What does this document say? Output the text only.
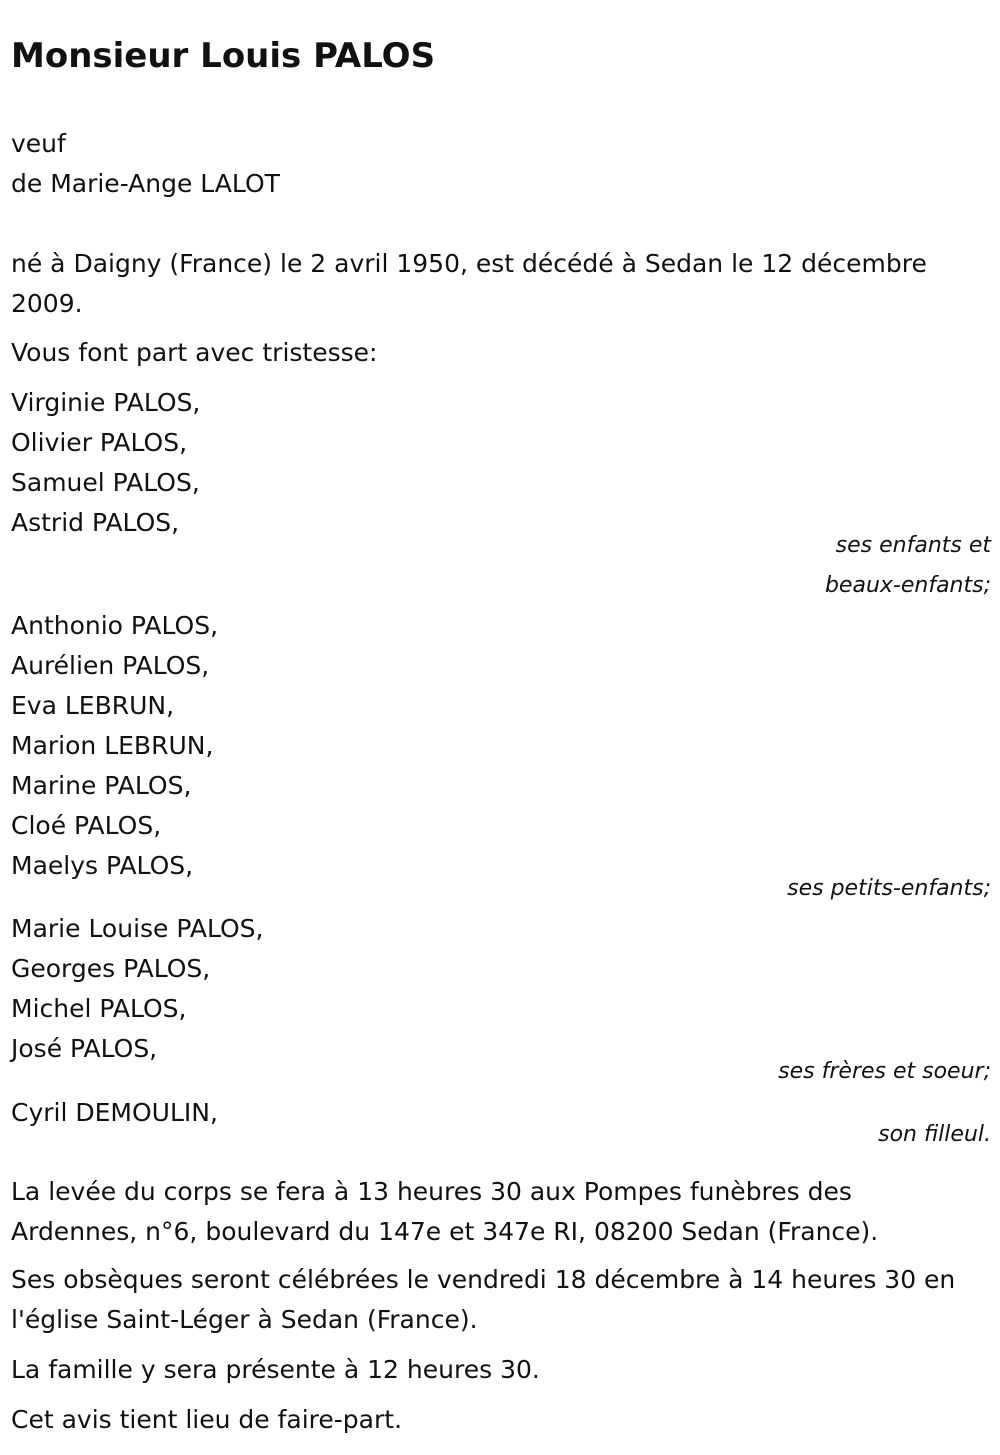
Monsieur Louis PALOS
veuf
de Marie-Ange LALOT
né à Daigny (France) le 2 avril 1950, est décédé à Sedan le 12 décembre 2009.
Vous font part avec tristesse:
Virginie PALOS,
Olivier PALOS,
Samuel PALOS,
Astrid PALOS,
ses enfants et
beaux-enfants;
Anthonio PALOS,
Aurélien PALOS,
Eva LEBRUN,
Marion LEBRUN,
Marine PALOS,
Cloé PALOS,
Maelys PALOS,
ses petits-enfants;
Marie Louise PALOS,
Georges PALOS,
Michel PALOS,
José PALOS,
ses frères et soeur;
Cyril DEMOULIN,
son filleul.
La levée du corps se fera à 13 heures 30 aux Pompes funèbres des Ardennes, n°6, boulevard du 147e et 347e RI, 08200 Sedan (France).
Ses obsèques seront célébrées le vendredi 18 décembre à 14 heures 30 en l'église Saint-Léger à Sedan (France).
La famille y sera présente à 12 heures 30.
Cet avis tient lieu de faire-part.
